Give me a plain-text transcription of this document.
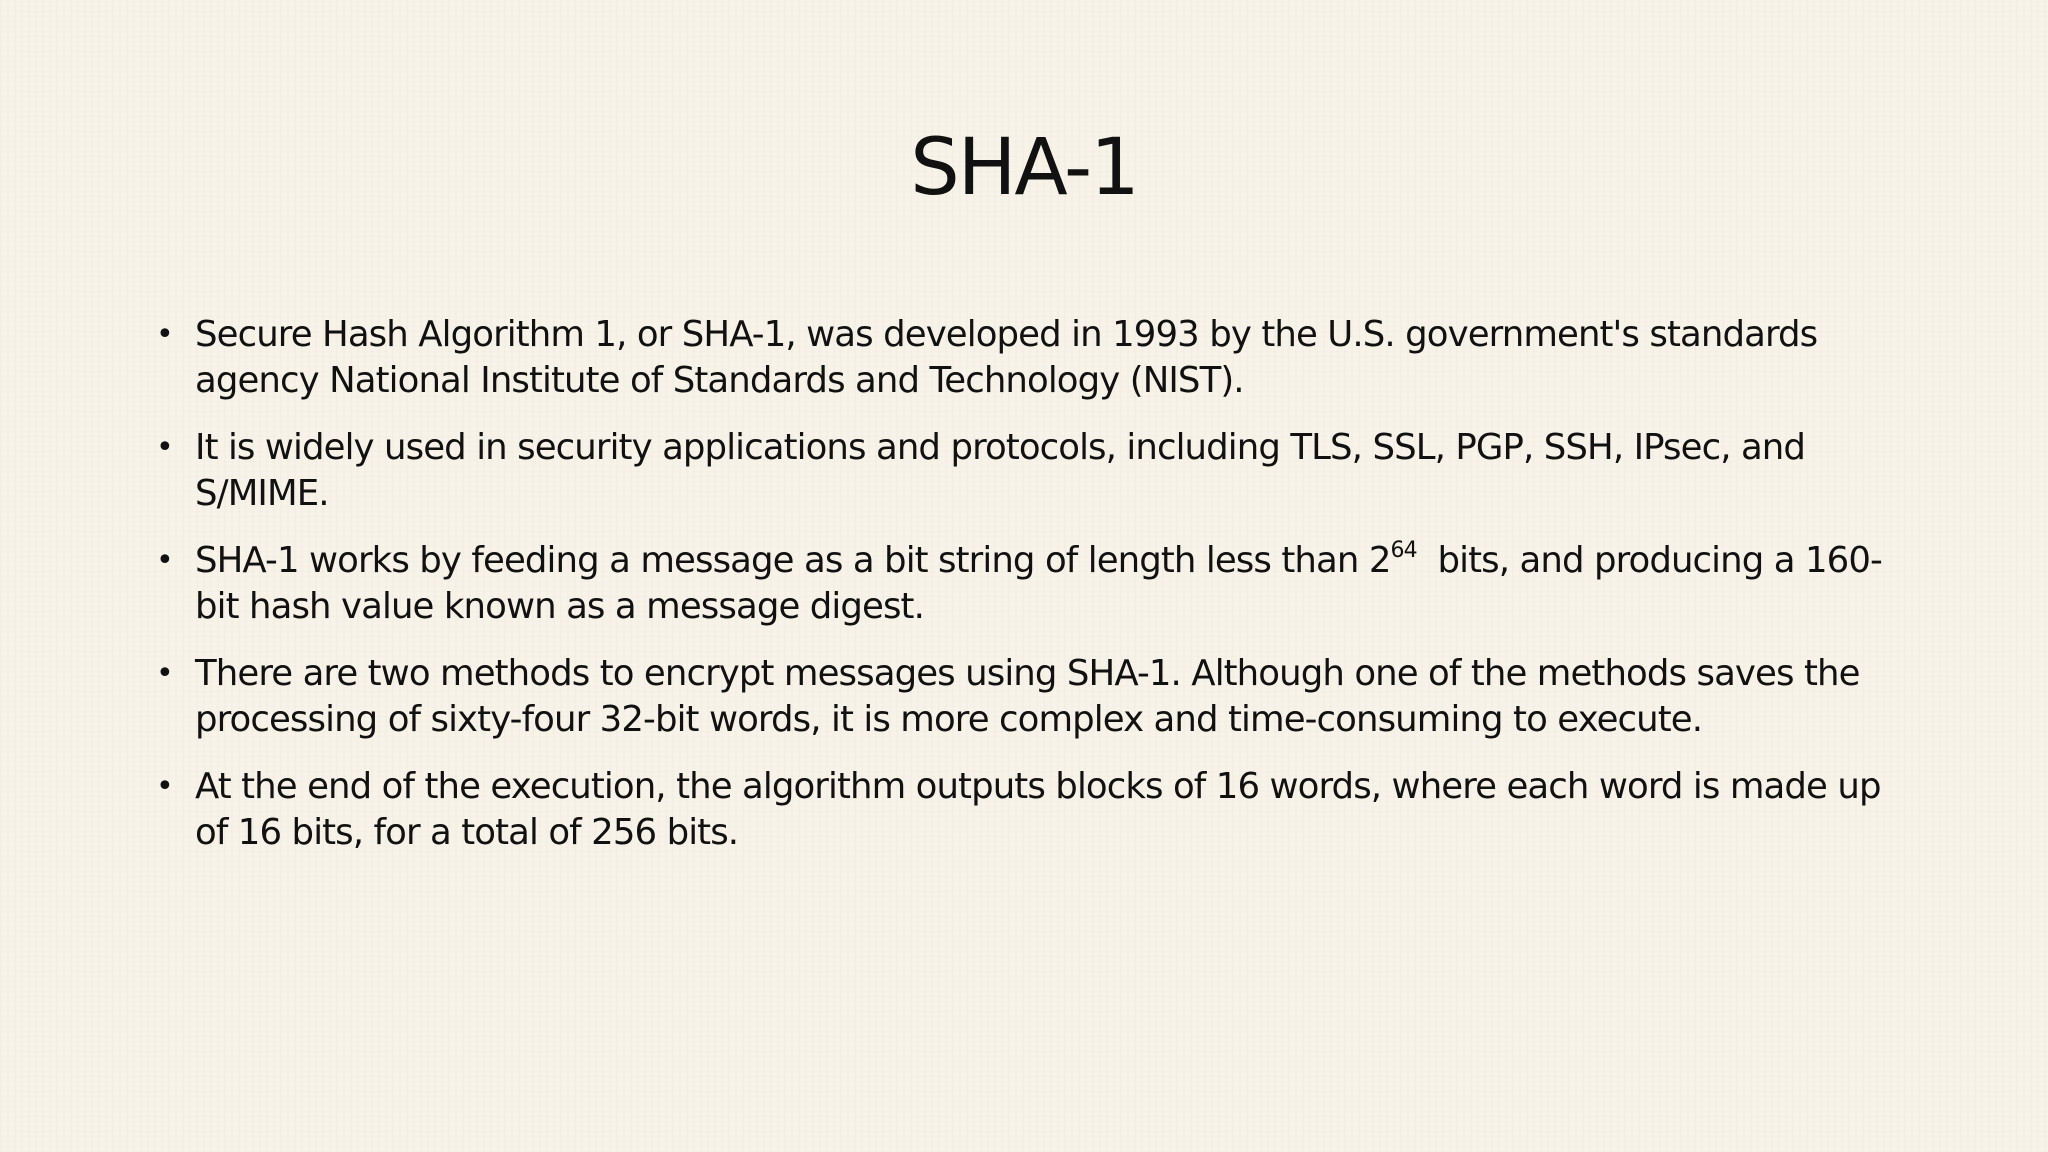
SHA-1
• Secure Hash Algorithm 1, or SHA-1, was developed in 1993 by the U.S. government's standards agency National Institute of Standards and Technology (NIST).
• It is widely used in security applications and protocols, including TLS, SSL, PGP, SSH, IPsec, and S/MIME.
• SHA-1 works by feeding a message as a bit string of length less than $2^{64}$  bits, and producing a 160-bit hash value known as a message digest.
• There are two methods to encrypt messages using SHA-1. Although one of the methods saves the processing of sixty-four 32-bit words, it is more complex and time-consuming to execute.
• At the end of the execution, the algorithm outputs blocks of 16 words, where each word is made up of 16 bits, for a total of 256 bits.
